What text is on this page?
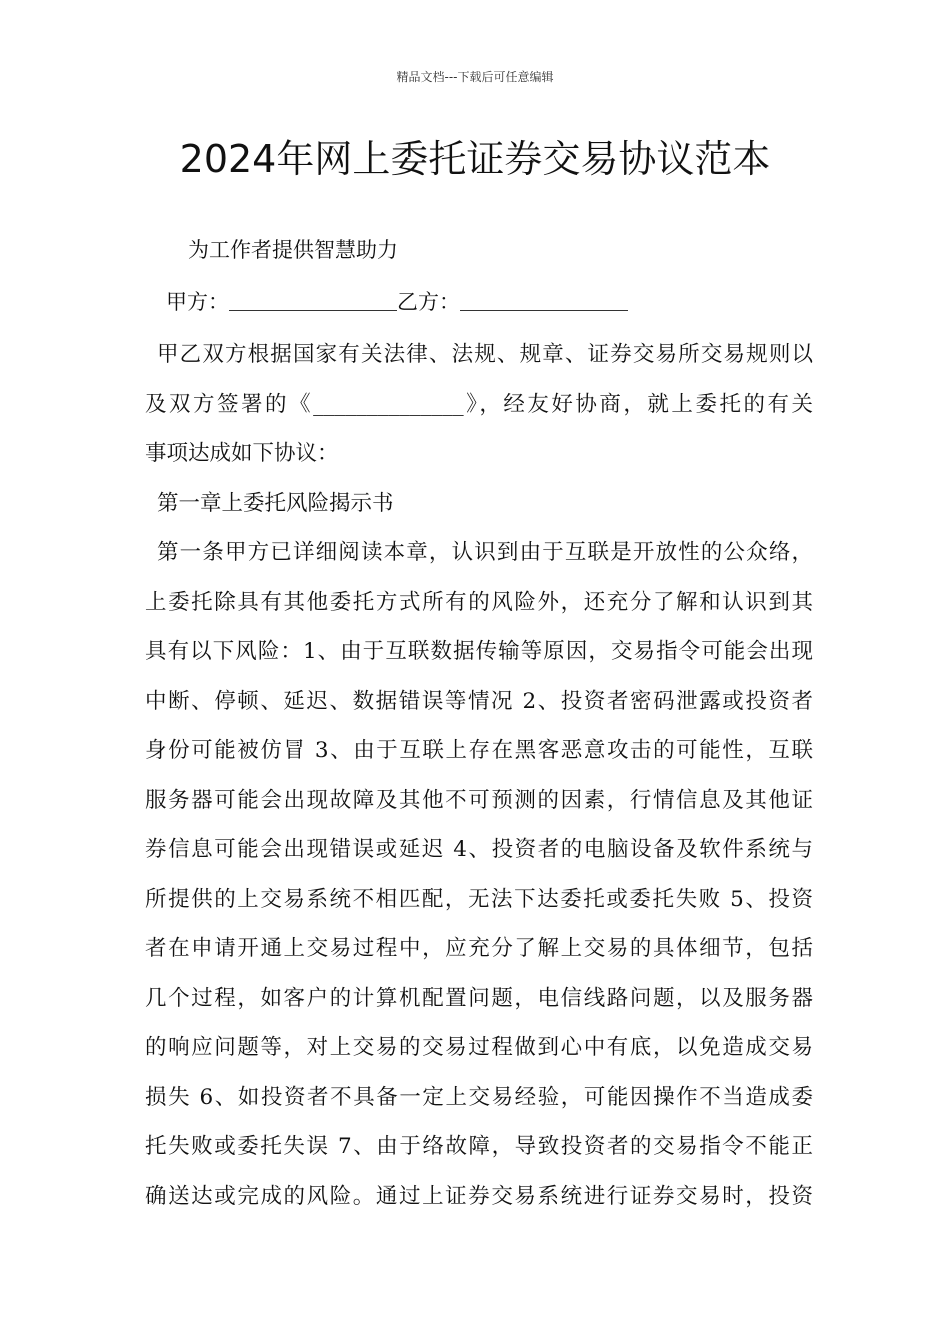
精品文档---下载后可任意编辑
2024年网上委托证券交易协议范本
为工作者提供智慧助力
甲方：	乙方：
甲乙双方根据国家有关法律、法规、规章、证券交易所交易规则以
及双方签署的《______________》，经友好协商，就上委托的有关
事项达成如下协议：
第一章上委托风险揭示书
第一条甲方已详细阅读本章，认识到由于互联是开放性的公众络，
上委托除具有其他委托方式所有的风险外，还充分了解和认识到其
具有以下风险：1、由于互联数据传输等原因，交易指令可能会出现
中断、停顿、延迟、数据错误等情况 2、投资者密码泄露或投资者
身份可能被仿冒 3、由于互联上存在黑客恶意攻击的可能性，互联
服务器可能会出现故障及其他不可预测的因素，行情信息及其他证
券信息可能会出现错误或延迟 4、投资者的电脑设备及软件系统与
所提供的上交易系统不相匹配，无法下达委托或委托失败 5、投资
者在申请开通上交易过程中，应充分了解上交易的具体细节，包括
几个过程，如客户的计算机配置问题，电信线路问题，以及服务器
的响应问题等，对上交易的交易过程做到心中有底，以免造成交易
损失 6、如投资者不具备一定上交易经验，可能因操作不当造成委
托失败或委托失误 7、由于络故障，导致投资者的交易指令不能正
确送达或完成的风险。通过上证券交易系统进行证券交易时，投资
